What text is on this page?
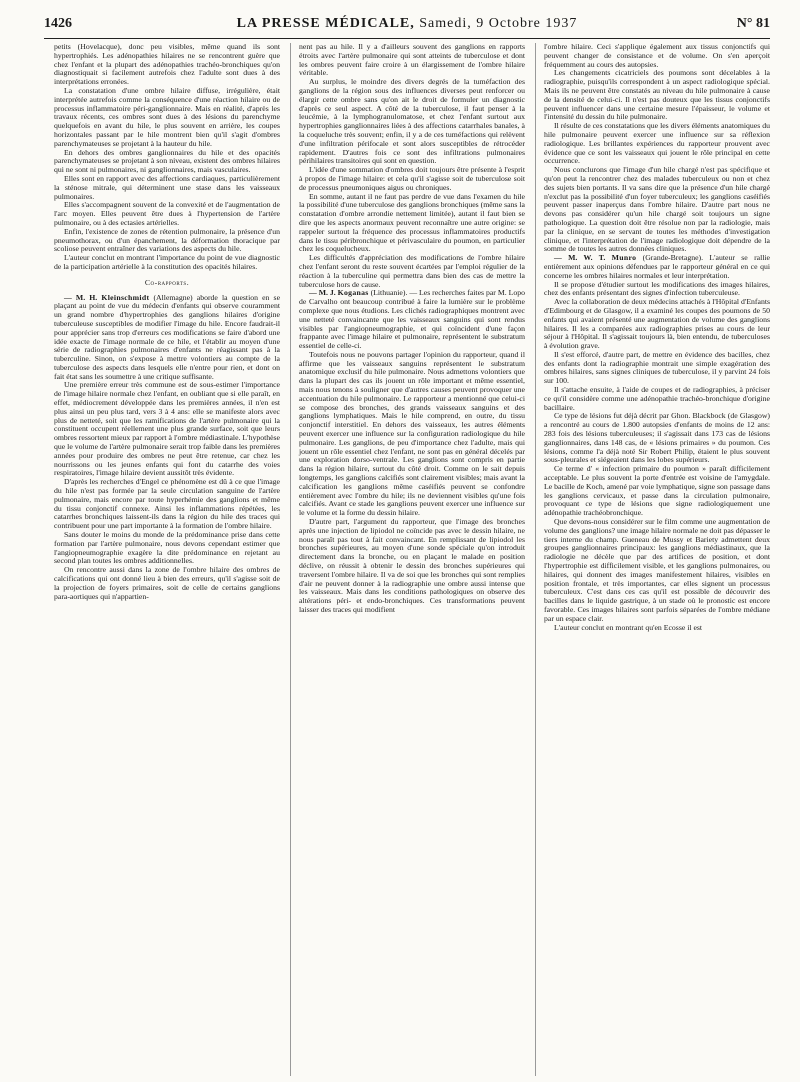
1426	LA PRESSE MÉDICALE, Samedi, 9 Octobre 1937	N° 81

petits (Hovelacque), donc peu visibles, même quand ils sont hypertrophiés. Les adénopathies hilaires ne se rencontrent guère que chez l'enfant et la plupart des adénopathies trachéo-bronchiques qu'on diagnostiquait si facilement autrefois chez l'adulte sont dues à des interprétations erronées.

La constatation d'une ombre hilaire diffuse, irrégulière, était interprétée autrefois comme la conséquence d'une réaction hilaire ou de processus inflammatoire péri-ganglionnaire. Mais en réalité, d'après les travaux récents, ces ombres sont dues à des lésions du parenchyme quelquefois en avant du hile, le plus souvent en arrière, les coupes horizontales passant par le hile montrent bien qu'il s'agit d'ombres parenchymateuses se projetant à la hauteur du hile.

En dehors des ombres ganglionnaires du hile et des opacités parenchymateuses se projetant à son niveau, existent des ombres hilaires qui ne sont ni pulmonaires, ni ganglionnaires, mais vasculaires.

Elles sont en rapport avec des affections cardiaques, particulièrement la sténose mitrale, qui déterminent une stase dans les vaisseaux pulmonaires.

Elles s'accompagnent souvent de la convexité et de l'augmentation de l'arc moyen. Elles peuvent être dues à l'hypertension de l'artère pulmonaire, ou à des ectasies artérielles.

Enfin, l'existence de zones de rétention pulmonaire, la présence d'un pneumothorax, ou d'un épanchement, la déformation thoracique par scoliose peuvent entraîner des variations des aspects du hile.

L'auteur conclut en montrant l'importance du point de vue diagnostic de la participation artérielle à la constitution des opacités hilaires.

Co-rapports.

— M. H. Kleinschmidt (Allemagne) aborde la question en se plaçant au point de vue du médecin d'enfants qui observe couramment un grand nombre d'hypertrophies des ganglions hilaires d'origine tuberculeuse susceptibles de modifier l'image du hile. Encore faudrait-il pour apprécier sans trop d'erreurs ces modifications se faire d'abord une idée exacte de l'image normale de ce hile, et l'établir au moyen d'une série de radiographies pulmonaires d'enfants ne réagissant pas à la tuberculine. Sinon, on s'expose à mettre volontiers au compte de la tuberculose des aspects dans lesquels elle n'entre pour rien, et dont on fait état sans les soumettre à une critique suffisante.

Une première erreur très commune est de sous-estimer l'importance de l'image hilaire normale chez l'enfant, en oubliant que si elle paraît, en effet, médiocrement développée dans les premières années, il n'en est plus ainsi un peu plus tard, vers 3 à 4 ans: elle se manifeste alors avec plus de netteté, soit que les ramifications de l'artère pulmonaire qui la constituent occupent réellement une plus grande surface, soit que leurs ombres ressortent mieux par rapport à l'ombre médiastinale. L'hypothèse que le volume de l'artère pulmonaire serait trop faible dans les premières années pour produire des ombres ne peut être retenue, car chez les nourrissons ou les jeunes enfants qui font du catarrhe des voies respiratoires, l'image hilaire devient aussitôt très évidente.

D'après les recherches d'Engel ce phénomène est dû à ce que l'image du hile n'est pas formée par la seule circulation sanguine de l'artère pulmonaire, mais encore par toute hyperhémie des ganglions et même du tissu conjonctif connexe. Ainsi les inflammations répétées, les catarrhes bronchiques laissent-ils dans la région du hile des traces qui contribuent pour une part importante à la formation de l'ombre hilaire.

Sans douter le moins du monde de la prédominance prise dans cette formation par l'artère pulmonaire, nous devons cependant estimer que l'angiopneumographie exagère la dite prédominance en rejetant au second plan toutes les ombres additionnelles.

On rencontre aussi dans la zone de l'ombre hilaire des ombres de calcifications qui ont donné lieu à bien des erreurs, qu'il s'agisse soit de la projection de foyers primaires, soit de celle de certains ganglions para-aortiques qui n'appartien-

nent pas au hile. Il y a d'ailleurs souvent des ganglions en rapports étroits avec l'artère pulmonaire qui sont atteints de tuberculose et dont les ombres peuvent faire croire à un élargissement de l'ombre hilaire véritable.

Au surplus, le moindre des divers degrés de la tuméfaction des ganglions de la région sous des influences diverses peut renforcer ou élargir cette ombre sans qu'on ait le droit de formuler un diagnostic d'après ce seul aspect. A côté de la tuberculose, il faut penser à la leucémie, à la lymphogranulomatose, et chez l'enfant surtout aux hypertrophies ganglionnaires liées à des affections catarrhales banales, à la coqueluche très souvent; enfin, il y a de ces tuméfactions qui relèvent d'une infiltration périfocale et sont alors susceptibles de rétrocéder rapidement. D'autres fois ce sont des infiltrations pulmonaires périhilaires transitoires qui sont en question.

L'idée d'une sommation d'ombres doit toujours être présente à l'esprit à propos de l'image hilaire: et cela qu'il s'agisse soit de tuberculose soit de processus pneumoniques aigus ou chroniques.

En somme, autant il ne faut pas perdre de vue dans l'examen du hile la possibilité d'une tuberculose des ganglions bronchiques (même sans la constatation d'ombre arrondie nettement limitée), autant il faut bien se dire que les aspects anormaux peuvent reconnaître une autre origine: se rappeler surtout la fréquence des processus inflammatoires productifs dans le tissu péribronchique et périvasculaire du poumon, en particulier chez les coquelucheux.

Les difficultés d'appréciation des modifications de l'ombre hilaire chez l'enfant seront du reste souvent écartées par l'emploi régulier de la réaction à la tuberculine qui permettra dans bien des cas de mettre la tuberculose hors de cause.

— M. J. Koganas (Lithuanie). — Les recherches faites par M. Lopo de Carvalho ont beaucoup contribué à faire la lumière sur le problème complexe que nous étudions. Les clichés radiographiques montrent avec une netteté convaincante que les vaisseaux sanguins qui sont rendus visibles par l'angiopneumographie, et qui coïncident d'une façon frappante avec l'image hilaire et pulmonaire, représentent le substratum essentiel de celle-ci.

Toutefois nous ne pouvons partager l'opinion du rapporteur, quand il affirme que les vaisseaux sanguins représentent le substratum anatomique exclusif du hile pulmonaire. Nous admettons volontiers que dans la plupart des cas ils jouent un rôle important et même essentiel, mais nous tenons à souligner que d'autres causes peuvent provoquer une accentuation du hile pulmonaire. Le rapporteur a mentionné que celui-ci se compose des bronches, des grands vaisseaux sanguins et des ganglions lymphatiques. Mais le hile comprend, en outre, du tissu conjonctif interstitiel. En dehors des vaisseaux, les autres éléments peuvent exercer une influence sur la configuration radiologique du hile pulmonaire. Les ganglions, de peu d'importance chez l'adulte, mais qui jouent un rôle essentiel chez l'enfant, ne sont pas en général décelés par une exploration dorso-ventrale. Les ganglions sont compris en partie dans la région hilaire, surtout du côté droit. Comme on le sait depuis longtemps, les ganglions calcifiés sont clairement visibles; mais avant la calcification les ganglions même caséifiés peuvent se confondre entièrement avec l'ombre du hile; ils ne deviennent visibles qu'une fois calcifiés. Avant ce stade les ganglions peuvent exercer une influence sur le volume et la forme du dessin hilaire.

D'autre part, l'argument du rapporteur, que l'image des bronches après une injection de lipiodol ne coïncide pas avec le dessin hilaire, ne nous paraît pas tout à fait convaincant. En remplissant de lipiodol les bronches supérieures, au moyen d'une sonde spéciale qu'on introduit directement dans la bronche, ou en plaçant le malade en position déclive, on réussit à obtenir le dessin des bronches supérieures qui traversent l'ombre hilaire. Il va de soi que les bronches qui sont remplies d'air ne peuvent donner à la radiographie une ombre aussi intense que les vaisseaux. Mais dans les conditions pathologiques on observe des altérations péri- et endo-bronchiques. Ces transformations peuvent laisser des traces qui modifient

l'ombre hilaire. Ceci s'applique également aux tissus conjonctifs qui peuvent changer de consistance et de volume. On s'en aperçoit fréquemment au cours des autopsies.

Les changements cicatriciels des poumons sont décelables à la radiographie, puisqu'ils correspondent à un aspect radiologique spécial. Mais ils ne peuvent être constatés au niveau du hile pulmonaire à cause de la densité de celui-ci. Il n'est pas douteux que les tissus conjonctifs peuvent influencer dans une certaine mesure l'épaisseur, le volume et l'intensité du dessin du hile pulmonaire.

Il résulte de ces constatations que les divers éléments anatomiques du hile pulmonaire peuvent exercer une influence sur sa réflexion radiologique. Les brillantes expériences du rapporteur prouvent avec évidence que ce sont les vaisseaux qui jouent le rôle principal en cette occurrence.

Nous conclurons que l'image d'un hile chargé n'est pas spécifique et qu'on peut la rencontrer chez des malades tuberculeux ou non et chez des sujets bien portants. Il va sans dire que la présence d'un hile chargé n'exclut pas la possibilité d'un foyer tuberculeux; les ganglions caséifiés peuvent passer inaperçus dans l'ombre hilaire. D'autre part nous ne devons pas considérer qu'un hile chargé soit toujours un signe pathologique. La question doit être résolue non par la radiologie, mais par la clinique, en se servant de toutes les méthodes d'investigation clinique, et l'interprétation de l'image radiologique doit dépendre de la somme de toutes les autres données cliniques.

— M. W. T. Munro (Grande-Bretagne). L'auteur se rallie entièrement aux opinions défendues par le rapporteur général en ce qui concerne les ombres hilaires normales et leur interprétation.

Il se propose d'étudier surtout les modifications des images hilaires, chez des enfants présentant des signes d'infection tuberculeuse.

Avec la collaboration de deux médecins attachés à l'Hôpital d'Enfants d'Edimbourg et de Glasgow, il a examiné les coupes des poumons de 50 enfants qui avaient présenté une augmentation de volume des ganglions hilaires. Il les a comparées aux radiographies prises au cours de leur séjour à l'Hôpital. Il s'agissait toujours là, bien entendu, de tuberculoses à évolution grave.

Il s'est efforcé, d'autre part, de mettre en évidence des bacilles, chez des enfants dont la radiographie montrait une simple exagération des ombres hilaires, sans signes cliniques de tuberculose, il y parvint 24 fois sur 100.

Il s'attache ensuite, à l'aide de coupes et de radiographies, à préciser ce qu'il considère comme une adénopathie trachéo-bronchique d'origine bacillaire.

Ce type de lésions fut déjà décrit par Ghon. Blackbock (de Glasgow) a rencontré au cours de 1.800 autopsies d'enfants de moins de 12 ans: 283 fois des lésions tuberculeuses; il s'agissait dans 173 cas de lésions ganglionnaires, dans 148 cas, de « lésions primaires » du poumon. Ces lésions, comme l'a déjà noté Sir Robert Philip, étaient le plus souvent sous-pleurales et siégeaient dans les lobes supérieurs.

Ce terme d' « infection primaire du poumon » paraît difficilement acceptable. Le plus souvent la porte d'entrée est voisine de l'amygdale. Le bacille de Koch, amené par voie lymphatique, signe son passage dans les ganglions cervicaux, et passe dans la circulation pulmonaire, provoquant ce type de lésions que signe radiologiquement une adénopathie trachéobronchique.

Que devons-nous considérer sur le film comme une augmentation de volume des ganglions? une image hilaire normale ne doit pas dépasser le tiers interne du champ. Gueneau de Mussy et Bariety admettent deux groupes ganglionnaires principaux: les ganglions médiastinaux, que la radiologie ne décèle que par des artifices de position, et dont l'hypertrophie est difficilement visible, et les ganglions pulmonaires, ou hilaires, qui donnent des images manifestement hilaires, visibles en position frontale, et très importantes, car elles signent un processus tuberculeux. C'est dans ces cas qu'il est possible de découvrir des bacilles dans le liquide gastrique, à un stade où le pronostic est encore favorable. Ces images hilaires sont parfois séparées de l'ombre médiane par un espace clair.

L'auteur conclut en montrant qu'en Ecosse il est
